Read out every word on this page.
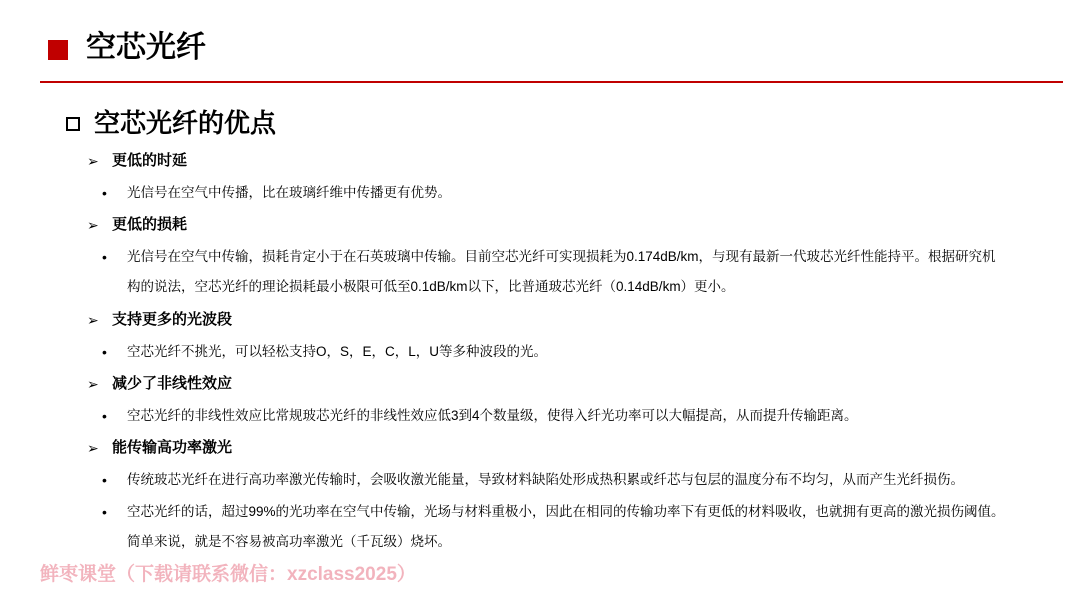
空芯光纤
空芯光纤的优点
➢ 更低的时延
• 光信号在空气中传播，比在玻璃纤维中传播更有优势。
➢ 更低的损耗
• 光信号在空气中传输，损耗肯定小于在石英玻璃中传输。目前空芯光纤可实现损耗为0.174dB/km，与现有最新一代玻芯光纤性能持平。根据研究机构的说法，空芯光纤的理论损耗最小极限可低至0.1dB/km以下，比普通玻芯光纤（0.14dB/km）更小。
➢ 支持更多的光波段
• 空芯光纤不挑光，可以轻松支持O，S，E，C，L，U等多种波段的光。
➢ 减少了非线性效应
• 空芯光纤的非线性效应比常规玻芯光纤的非线性效应低3到4个数量级，使得入纤光功率可以大幅提高，从而提升传输距离。
➢ 能传输高功率激光
• 传统玻芯光纤在进行高功率激光传输时，会吸收激光能量，导致材料缺陷处形成热积累或纤芯与包层的温度分布不均匀，从而产生光纤损伤。
• 空芯光纤的话，超过99%的光功率在空气中传输，光场与材料重极小，因此在相同的传输功率下有更低的材料吸收，也就拥有更高的激光损伤阈值。简单来说，就是不容易被高功率激光（千瓦级）烧坏。
鲜枣课堂（下载请联系微信：xzclass2025）
